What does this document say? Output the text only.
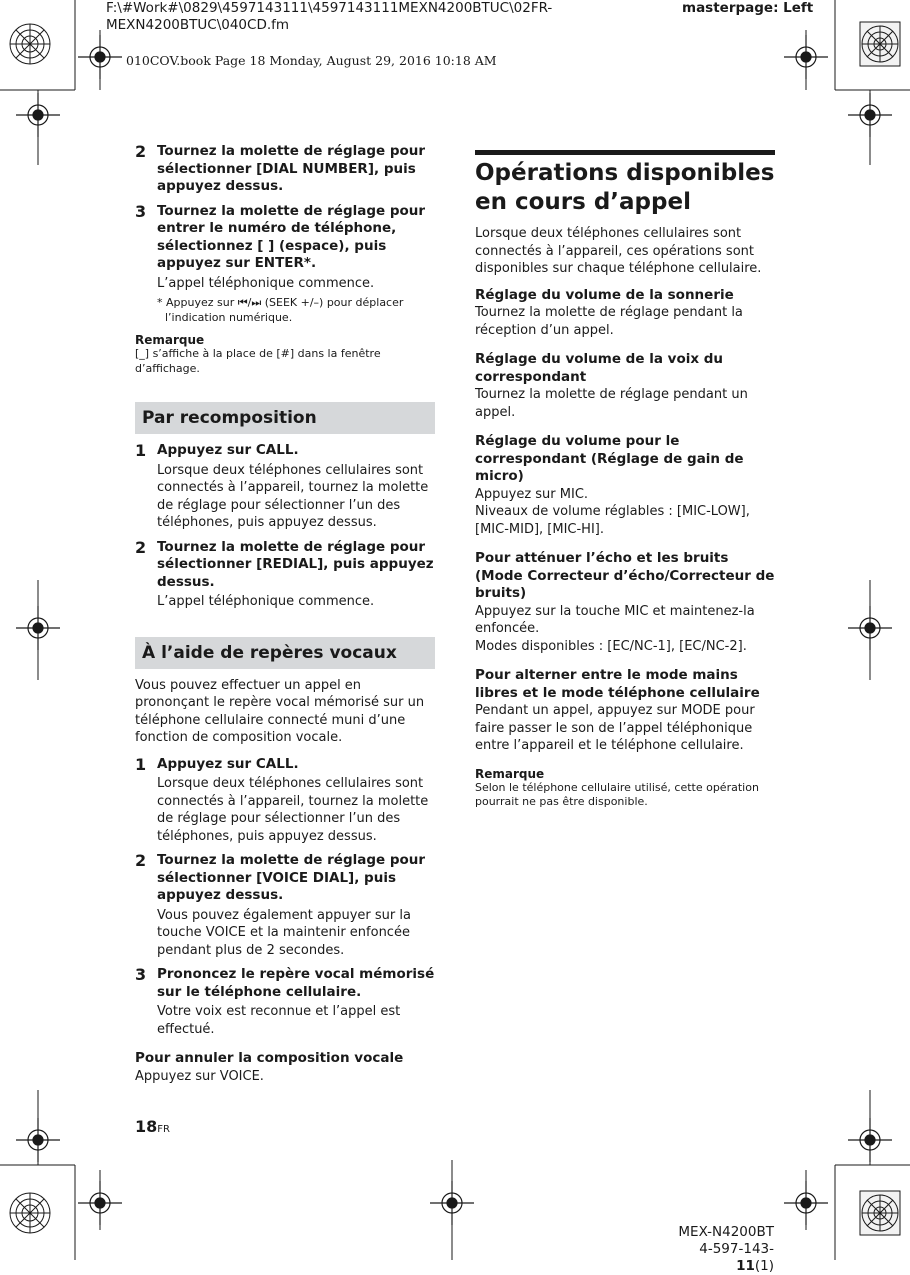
F:\#Work#\0829\4597143111\4597143111MEXN4200BTUC\02FR-
MEXN4200BTUC\040CD.fm
masterpage: Left
010COV.book Page 18 Monday, August 29, 2016 10:18 AM
2 Tournez la molette de réglage pour sélectionner [DIAL NUMBER], puis appuyez dessus.
3 Tournez la molette de réglage pour entrer le numéro de téléphone, sélectionnez [ ] (espace), puis appuyez sur ENTER*.
L’appel téléphonique commence.
* Appuyez sur ⏮/⏭ (SEEK +/–) pour déplacer l’indication numérique.
Remarque
[_] s’affiche à la place de [#] dans la fenêtre d’affichage.
Par recomposition
1 Appuyez sur CALL.
Lorsque deux téléphones cellulaires sont connectés à l’appareil, tournez la molette de réglage pour sélectionner l’un des téléphones, puis appuyez dessus.
2 Tournez la molette de réglage pour sélectionner [REDIAL], puis appuyez dessus.
L’appel téléphonique commence.
À l’aide de repères vocaux

Vous pouvez effectuer un appel en prononçant le repère vocal mémorisé sur un téléphone cellulaire connecté muni d’une fonction de composition vocale.

1 Appuyez sur CALL.
Lorsque deux téléphones cellulaires sont connectés à l’appareil, tournez la molette de réglage pour sélectionner l’un des téléphones, puis appuyez dessus.
2 Tournez la molette de réglage pour sélectionner [VOICE DIAL], puis appuyez dessus.
Vous pouvez également appuyer sur la touche VOICE et la maintenir enfoncée pendant plus de 2 secondes.
3 Prononcez le repère vocal mémorisé sur le téléphone cellulaire.
Votre voix est reconnue et l’appel est effectué.
Pour annuler la composition vocale
Appuyez sur VOICE.
18FR
Opérations disponibles en cours d’appel

Lorsque deux téléphones cellulaires sont connectés à l’appareil, ces opérations sont disponibles sur chaque téléphone cellulaire.

Réglage du volume de la sonnerie
Tournez la molette de réglage pendant la réception d’un appel.
Réglage du volume de la voix du correspondant
Tournez la molette de réglage pendant un appel.
Réglage du volume pour le correspondant (Réglage de gain de micro)
Appuyez sur MIC.
Niveaux de volume réglables : [MIC-LOW], [MIC-MID], [MIC-HI].
Pour atténuer l’écho et les bruits (Mode Correcteur d’écho/Correcteur de bruits)
Appuyez sur la touche MIC et maintenez-la enfoncée.
Modes disponibles : [EC/NC-1], [EC/NC-2].
Pour alterner entre le mode mains libres et le mode téléphone cellulaire
Pendant un appel, appuyez sur MODE pour faire passer le son de l’appel téléphonique entre l’appareil et le téléphone cellulaire.
Remarque
Selon le téléphone cellulaire utilisé, cette opération pourrait ne pas être disponible.
MEX-N4200BT
4-597-143-11(1)
